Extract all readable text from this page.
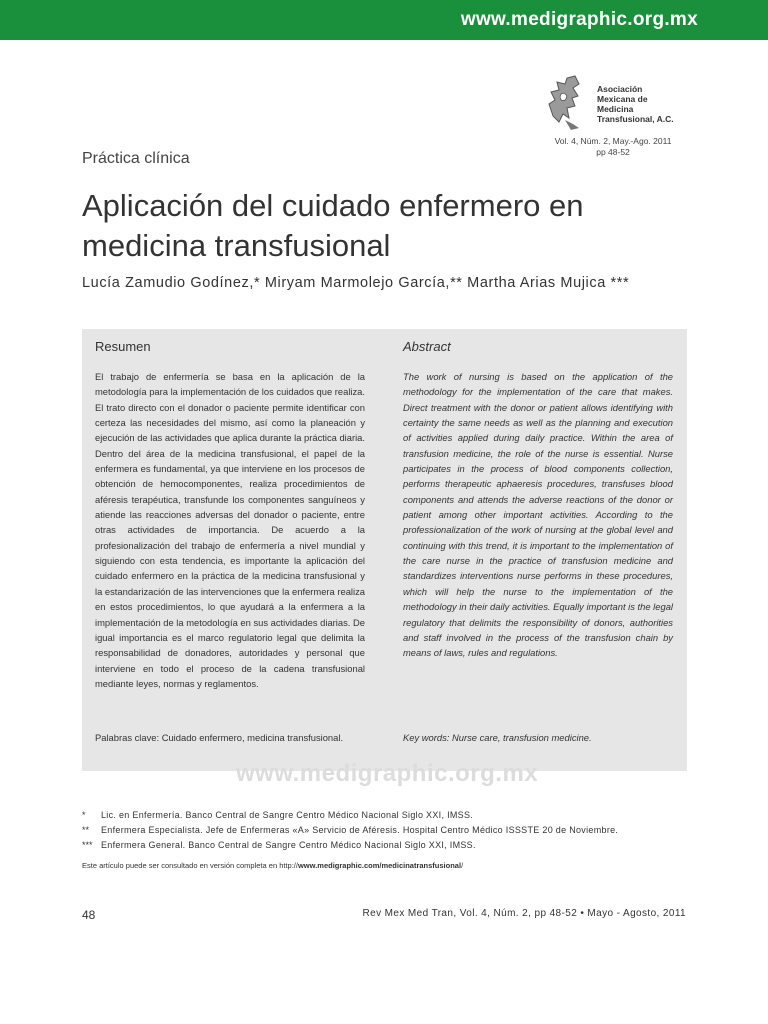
www.medigraphic.org.mx
Asociación
Mexicana de
Medicina
Transfusional, A.C.
Vol. 4, Núm. 2, May.-Ago. 2011
pp 48-52
Práctica clínica
Aplicación del cuidado enfermero en
medicina transfusional
Lucía Zamudio Godínez,* Miryam Marmolejo García,** Martha Arias Mujica ***
Resumen
El trabajo de enfermería se basa en la aplicación de la metodología para la implementación de los cuidados que realiza. El trato directo con el donador o paciente permite identificar con certeza las necesidades del mismo, así como la planeación y ejecución de las actividades que aplica durante la práctica diaria. Dentro del área de la medicina transfusional, el papel de la enfermera es fundamental, ya que interviene en los procesos de obtención de hemocomponentes, realiza procedimientos de aféresis terapéutica, transfunde los componentes sanguíneos y atiende las reacciones adversas del donador o paciente, entre otras actividades de importancia. De acuerdo a la profesionalización del trabajo de enfermería a nivel mundial y siguiendo con esta tendencia, es importante la aplicación del cuidado enfermero en la práctica de la medicina transfusional y la estandarización de las intervenciones que la enfermera realiza en estos procedimientos, lo que ayudará a la enfermera a la implementación de la metodología en sus actividades diarias. De igual importancia es el marco regulatorio legal que delimita la responsabilidad de donadores, autoridades y personal que interviene en todo el proceso de la cadena transfusional mediante leyes, normas y reglamentos.
Palabras clave: Cuidado enfermero, medicina transfusional.
Abstract
The work of nursing is based on the application of the methodology for the implementation of the care that makes. Direct treatment with the donor or patient allows identifying with certainty the same needs as well as the planning and execution of activities applied during daily practice. Within the area of transfusion medicine, the role of the nurse is essential. Nurse participates in the process of blood components collection, performs therapeutic aphaeresis procedures, transfuses blood components and attends the adverse reactions of the donor or patient among other important activities. According to the professionalization of the work of nursing at the global level and continuing with this trend, it is important to the implementation of the care nurse in the practice of transfusion medicine and standardizes interventions nurse performs in these procedures, which will help the nurse to the implementation of the methodology in their daily activities. Equally important is the legal regulatory that delimits the responsibility of donors, authorities and staff involved in the process of the transfusion chain by means of laws, rules and regulations.
Key words: Nurse care, transfusion medicine.
www.medigraphic.org.mx
* Lic. en Enfermería. Banco Central de Sangre Centro Médico Nacional Siglo XXI, IMSS.
** Enfermera Especialista. Jefe de Enfermeras «A» Servicio de Aféresis. Hospital Centro Médico ISSSTE 20 de Noviembre.
*** Enfermera General. Banco Central de Sangre Centro Médico Nacional Siglo XXI, IMSS.
Este artículo puede ser consultado en versión completa en http://www.medigraphic.com/medicinatransfusional/
48	Rev Mex Med Tran, Vol. 4, Núm. 2, pp 48-52 • Mayo - Agosto, 2011
